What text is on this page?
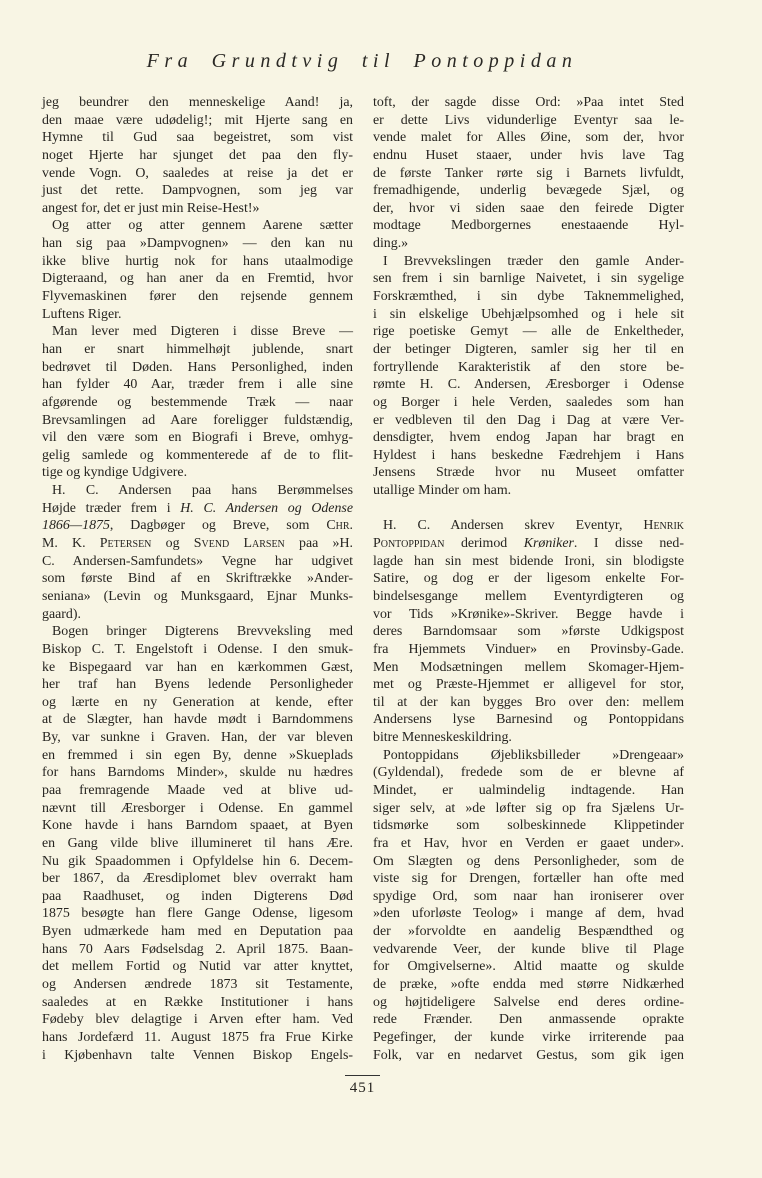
Fra Grundtvig til Pontoppidan
jeg beundrer den menneskelige Aand! ja,
den maae være udødelig!; mit Hjerte sang en
Hymne til Gud saa begeistret, som vist
noget Hjerte har sjunget det paa den fly-
vende Vogn. O, saaledes at reise ja det er
just det rette. Dampvognen, som jeg var
angest for, det er just min Reise-Hest!»
Og atter og atter gennem Aarene sætter
han sig paa »Dampvognen» — den kan nu
ikke blive hurtig nok for hans utaalmodige
Digteraand, og han aner da en Fremtid, hvor
Flyvemaskinen fører den rejsende gennem
Luftens Riger.
Man lever med Digteren i disse Breve —
han er snart himmelhøjt jublende, snart
bedrøvet til Døden. Hans Personlighed, inden
han fylder 40 Aar, træder frem i alle sine
afgørende og bestemmende Træk — naar
Brevsamlingen ad Aare foreligger fuldstændig,
vil den være som en Biografi i Breve, omhyg-
gelig samlede og kommenterede af de to flit-
tige og kyndige Udgivere.
H. C. Andersen paa hans Berømmelses
Højde træder frem i H. C. Andersen og Odense
1866—1875, Dagbøger og Breve, som Chr.
M. K. Petersen og Svend Larsen paa »H.
C. Andersen-Samfundets» Vegne har udgivet
som første Bind af en Skriftrække »Ander-
seniana» (Levin og Munksgaard, Ejnar Munks-
gaard).
Bogen bringer Digterens Brevveksling med
Biskop C. T. Engelstoft i Odense. I den smuk-
ke Bispegaard var han en kærkommen Gæst,
her traf han Byens ledende Personligheder
og lærte en ny Generation at kende, efter
at de Slægter, han havde mødt i Barndommens
By, var sunkne i Graven. Han, der var bleven
en fremmed i sin egen By, denne »Skueplads
for hans Barndoms Minder», skulde nu hædres
paa fremragende Maade ved at blive ud-
nævnt till Æresborger i Odense. En gammel
Kone havde i hans Barndom spaaet, at Byen
en Gang vilde blive illumineret til hans Ære.
Nu gik Spaadommen i Opfyldelse hin 6. Decem-
ber 1867, da Æresdiplomet blev overrakt ham
paa Raadhuset, og inden Digterens Død
1875 besøgte han flere Gange Odense, ligesom
Byen udmærkede ham med en Deputation paa
hans 70 Aars Fødselsdag 2. April 1875. Baan-
det mellem Fortid og Nutid var atter knyttet,
og Andersen ændrede 1873 sit Testamente,
saaledes at en Række Institutioner i hans
Fødeby blev delagtige i Arven efter ham. Ved
hans Jordefærd 11. August 1875 fra Frue Kirke
i Kjøbenhavn talte Vennen Biskop Engels-
toft, der sagde disse Ord: »Paa intet Sted
er dette Livs vidunderlige Eventyr saa le-
vende malet for Alles Øine, som der, hvor
endnu Huset staaer, under hvis lave Tag
de første Tanker rørte sig i Barnets livfuldt,
fremadhigende, underlig bevægede Sjæl, og
der, hvor vi siden saae den feirede Digter
modtage Medborgernes enestaaende Hyl-
ding.»
I Brevvekslingen træder den gamle Ander-
sen frem i sin barnlige Naivetet, i sin sygelige
Forskræmthed, i sin dybe Taknemmelighed,
i sin elskelige Ubehjælpsomhed og i hele sit
rige poetiske Gemyt — alle de Enkeltheder,
der betinger Digteren, samler sig her til en
fortryllende Karakteristik af den store be-
rømte H. C. Andersen, Æresborger i Odense
og Borger i hele Verden, saaledes som han
er vedbleven til den Dag i Dag at være Ver-
densdigter, hvem endog Japan har bragt en
Hyldest i hans beskedne Fædrehjem i Hans
Jensens Stræde hvor nu Museet omfatter
utallige Minder om ham.
H. C. Andersen skrev Eventyr, Henrik
Pontoppidan derimod Krøniker. I disse ned-
lagde han sin mest bidende Ironi, sin blodigste
Satire, og dog er der ligesom enkelte For-
bindelsesgange mellem Eventyrdigteren og
vor Tids »Krønike»-Skriver. Begge havde i
deres Barndomsaar som »første Udkigspost
fra Hjemmets Vinduer» en Provinsby-Gade.
Men Modsætningen mellem Skomager-Hjem-
met og Præste-Hjemmet er alligevel for stor,
til at der kan bygges Bro over den: mellem
Andersens lyse Barnesind og Pontoppidans
bitre Menneskeskildring.
Pontoppidans Øjebliksbilleder »Drengeaar»
(Gyldendal), fredede som de er blevne af
Mindet, er ualmindelig indtagende. Han
siger selv, at »de løfter sig op fra Sjælens Ur-
tidsmørke som solbeskinnede Klippetinder
fra et Hav, hvor en Verden er gaaet under».
Om Slægten og dens Personligheder, som de
viste sig for Drengen, fortæller han ofte med
spydige Ord, som naar han ironiserer over
»den uforløste Teolog» i mange af dem, hvad
der »forvoldte en aandelig Bespændthed og
vedvarende Veer, der kunde blive til Plage
for Omgivelserne». Altid maatte og skulde
de præke, »ofte endda med større Nidkærhed
og højtideligere Salvelse end deres ordine-
rede Frænder. Den anmassende oprakte
Pegefinger, der kunde virke irriterende paa
Folk, var en nedarvet Gestus, som gik igen
451
